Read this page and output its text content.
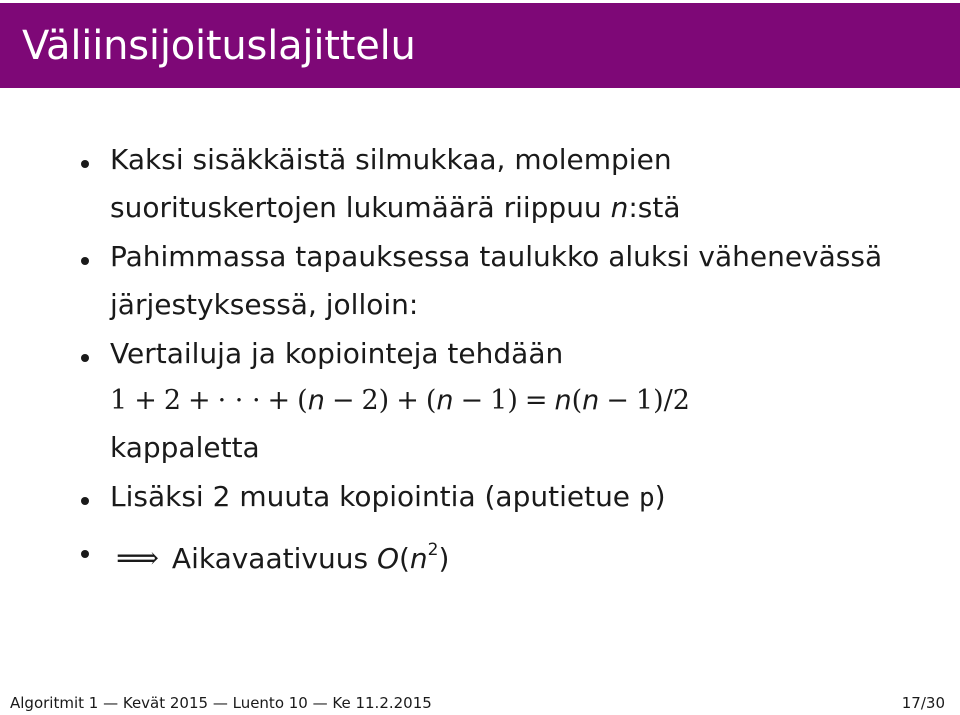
Väliinsijoituslajittelu
Kaksi sisäkkäistä silmukkaa, molempien
suorituskertojen lukumäärä riippuu n:stä
Pahimmassa tapauksessa taulukko aluksi vähenevässä
järjestyksessä, jolloin:
Vertailuja ja kopiointeja tehdään
1 + 2 + · · · + (n − 2) + (n − 1) = n(n − 1)/2
kappaletta
Lisäksi 2 muuta kopiointia (aputietue p)
⟹ Aikavaativuus $O(n^2)$
Algoritmit 1 — Kevät 2015 — Luento 10 — Ke 11.2.2015	17/30
